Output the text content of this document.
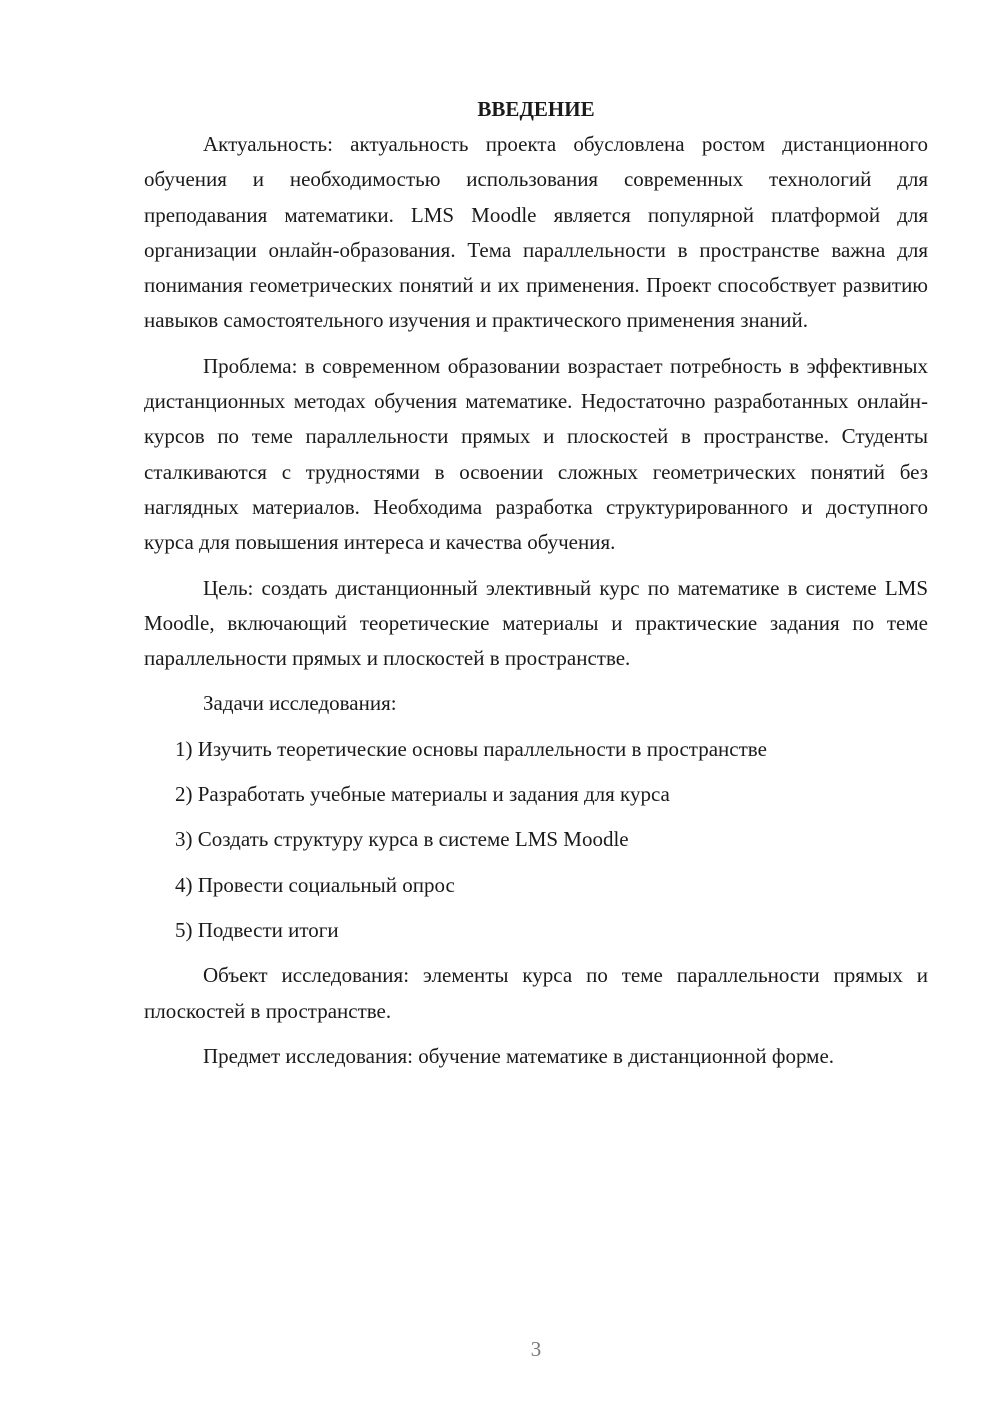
ВВЕДЕНИЕ

Актуальность: актуальность проекта обусловлена ростом дистанционного обучения и необходимостью использования современных технологий для преподавания математики. LMS Moodle является популярной платформой для организации онлайн-образования. Тема параллельности в пространстве важна для понимания геометрических понятий и их применения. Проект способствует развитию навыков самостоятельного изучения и практического применения знаний.

Проблема: в современном образовании возрастает потребность в эффективных дистанционных методах обучения математике. Недостаточно разработанных онлайн-курсов по теме параллельности прямых и плоскостей в пространстве. Студенты сталкиваются с трудностями в освоении сложных геометрических понятий без наглядных материалов. Необходима разработка структурированного и доступного курса для повышения интереса и качества обучения.

Цель: создать дистанционный элективный курс по математике в системе LMS Moodle, включающий теоретические материалы и практические задания по теме параллельности прямых и плоскостей в пространстве.

Задачи исследования:

1) Изучить теоретические основы параллельности в пространстве
2) Разработать учебные материалы и задания для курса
3) Создать структуру курса в системе LMS Moodle
4) Провести социальный опрос
5) Подвести итоги

Объект исследования: элементы курса по теме параллельности прямых и плоскостей в пространстве.

Предмет исследования: обучение математике в дистанционной форме.

3
